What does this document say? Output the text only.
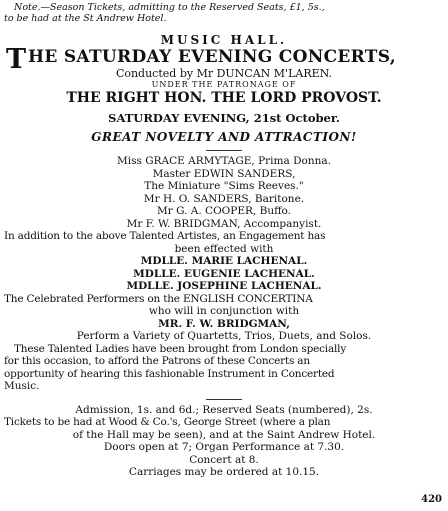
Note.—Season Tickets, admitting to the Reserved Seats, £1, 5s.,
to be had at the St Andrew Hotel.
MUSIC HALL.
T HE SATURDAY EVENING CONCERTS,
Conducted by Mr DUNCAN M'LAREN.
UNDER THE PATRONAGE OF
THE RIGHT HON. THE LORD PROVOST.
SATURDAY EVENING, 21st October.
GREAT NOVELTY AND ATTRACTION!
Miss GRACE ARMYTAGE, Prima Donna.
Master EDWIN SANDERS,
The Miniature "Sims Reeves."
Mr H. O. SANDERS, Baritone.
Mr G. A. COOPER, Buffo.
Mr F. W. BRIDGMAN, Accompanyist.
In addition to the above Talented Artistes, an Engagement has
been effected with
MDLLE. MARIE LACHENAL.
MDLLE. EUGENIE LACHENAL.
MDLLE. JOSEPHINE LACHENAL.
The Celebrated Performers on the ENGLISH CONCERTINA
who will in conjunction with
MR. F. W. BRIDGMAN,
Perform a Variety of Quartetts, Trios, Duets, and Solos.
These Talented Ladies have been brought from London specially
for this occasion, to afford the Patrons of these Concerts an
opportunity of hearing this fashionable Instrument in Concerted
Music.
Admission, 1s. and 6d.; Reserved Seats (numbered), 2s.
Tickets to be had at Wood & Co.'s, George Street (where a plan
of the Hall may be seen), and at the Saint Andrew Hotel.
Doors open at 7; Organ Performance at 7.30.
Concert at 8.
Carriages may be ordered at 10.15.
420
